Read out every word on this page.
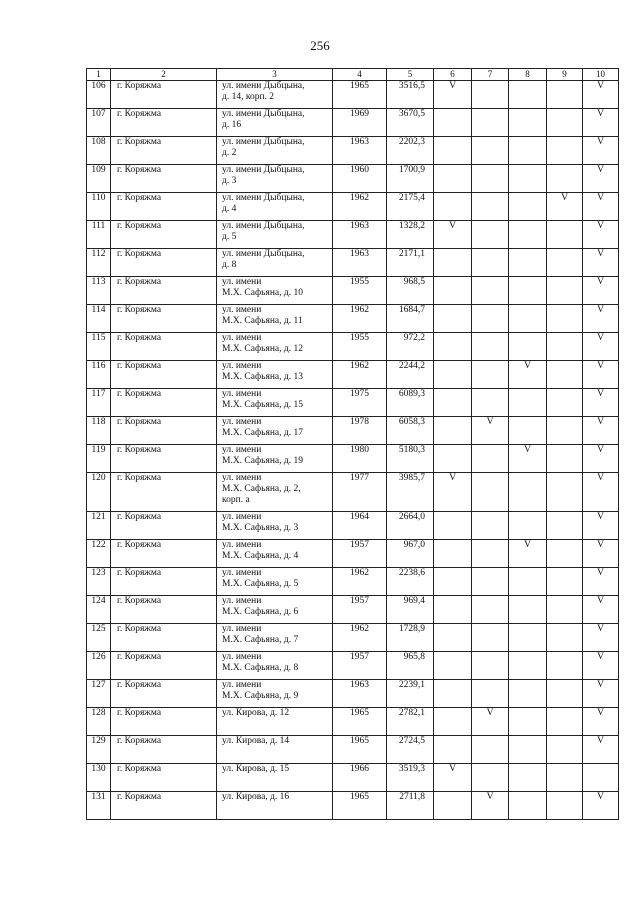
256
1	2	3	4	5	6	7	8	9	10
106	г. Коряжма	ул. имени Дыбцына,
д. 14, корп. 2	1965	3516,5	V				V
107	г. Коряжма	ул. имени Дыбцына,
д. 16	1969	3670,5					V
108	г. Коряжма	ул. имени Дыбцына,
д. 2	1963	2202,3					V
109	г. Коряжма	ул. имени Дыбцына,
д. 3	1960	1700,9					V
110	г. Коряжма	ул. имени Дыбцына,
д. 4	1962	2175,4				V	V
111	г. Коряжма	ул. имени Дыбцына,
д. 5	1963	1328,2	V				V
112	г. Коряжма	ул. имени Дыбцына,
д. 8	1963	2171,1					V
113	г. Коряжма	ул. имени
М.Х. Сафьяна, д. 10	1955	968,5					V
114	г. Коряжма	ул. имени
М.Х. Сафьяна, д. 11	1962	1684,7					V
115	г. Коряжма	ул. имени
М.Х. Сафьяна, д. 12	1955	972,2					V
116	г. Коряжма	ул. имени
М.Х. Сафьяна, д. 13	1962	2244,2			V		V
117	г. Коряжма	ул. имени
М.Х. Сафьяна, д. 15	1975	6089,3					V
118	г. Коряжма	ул. имени
М.Х. Сафьяна, д. 17	1978	6058,3		V			V
119	г. Коряжма	ул. имени
М.Х. Сафьяна, д. 19	1980	5180,3			V		V
120	г. Коряжма	ул. имени
М.Х. Сафьяна, д. 2,
корп. а	1977	3985,7	V				V
121	г. Коряжма	ул. имени
М.Х. Сафьяна, д. 3	1964	2664,0					V
122	г. Коряжма	ул. имени
М.Х. Сафьяна, д. 4	1957	967,0			V		V
123	г. Коряжма	ул. имени
М.Х. Сафьяна, д. 5	1962	2238,6					V
124	г. Коряжма	ул. имени
М.Х. Сафьяна, д. 6	1957	969,4					V
125	г. Коряжма	ул. имени
М.Х. Сафьяна, д. 7	1962	1728,9					V
126	г. Коряжма	ул. имени
М.Х. Сафьяна, д. 8	1957	965,8					V
127	г. Коряжма	ул. имени
М.Х. Сафьяна, д. 9	1963	2239,1					V
128	г. Коряжма	ул. Кирова, д. 12	1965	2782,1		V			V
129	г. Коряжма	ул. Кирова, д. 14	1965	2724,5					V
130	г. Коряжма	ул. Кирова, д. 15	1966	3519,3	V				
131	г. Коряжма	ул. Кирова, д. 16	1965	2711,8		V			V
